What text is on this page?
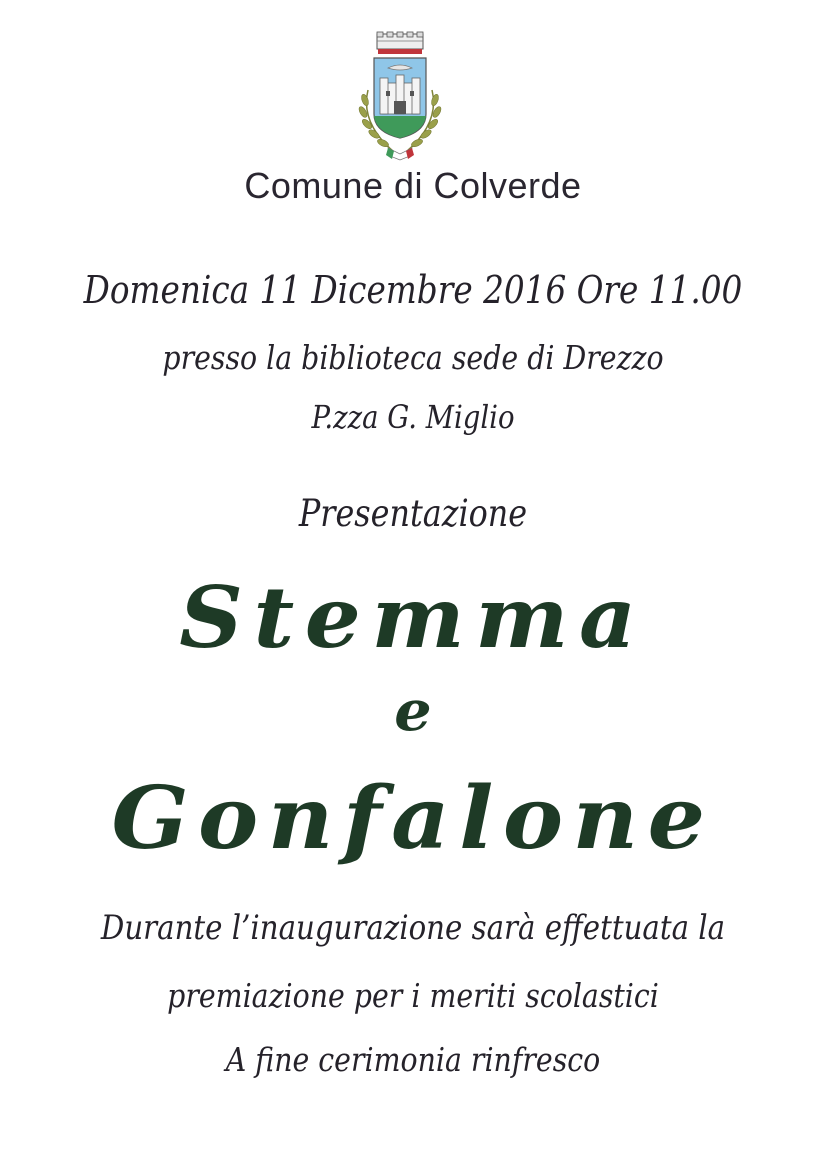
Comune di Colverde
Domenica 11 Dicembre 2016 Ore 11.00
presso la biblioteca sede di Drezzo
P.zza G. Miglio
Presentazione
Stemma
e
Gonfalone
Durante l’inaugurazione sarà effettuata la
premiazione per i meriti scolastici
A fine cerimonia rinfresco
